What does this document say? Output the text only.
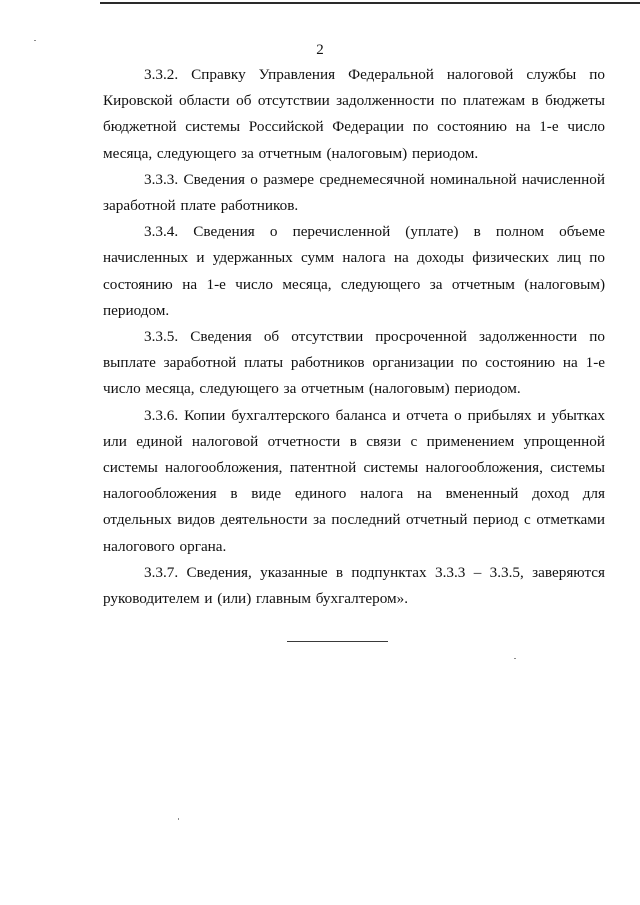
2

3.3.2. Справку Управления Федеральной налоговой службы по Кировской области об отсутствии задолженности по платежам в бюджеты бюджетной системы Российской Федерации по состоянию на 1-е число месяца, следующего за отчетным (налоговым) периодом.

3.3.3. Сведения о размере среднемесячной номинальной начисленной заработной плате работников.

3.3.4. Сведения о перечисленной (уплате) в полном объеме начисленных и удержанных сумм налога на доходы физических лиц по состоянию на 1-е число месяца, следующего за отчетным (налоговым) периодом.

3.3.5. Сведения об отсутствии просроченной задолженности по выплате заработной платы работников организации по состоянию на 1-е число месяца, следующего за отчетным (налоговым) периодом.

3.3.6. Копии бухгалтерского баланса и отчета о прибылях и убытках или единой налоговой отчетности в связи с применением упрощенной системы налогообложения, патентной системы налогообложения, системы налогообложения в виде единого налога на вмененный доход для отдельных видов деятельности за последний отчетный период с отметками налогового органа.

3.3.7. Сведения, указанные в подпунктах 3.3.3 – 3.3.5, заверяются руководителем и (или) главным бухгалтером».
